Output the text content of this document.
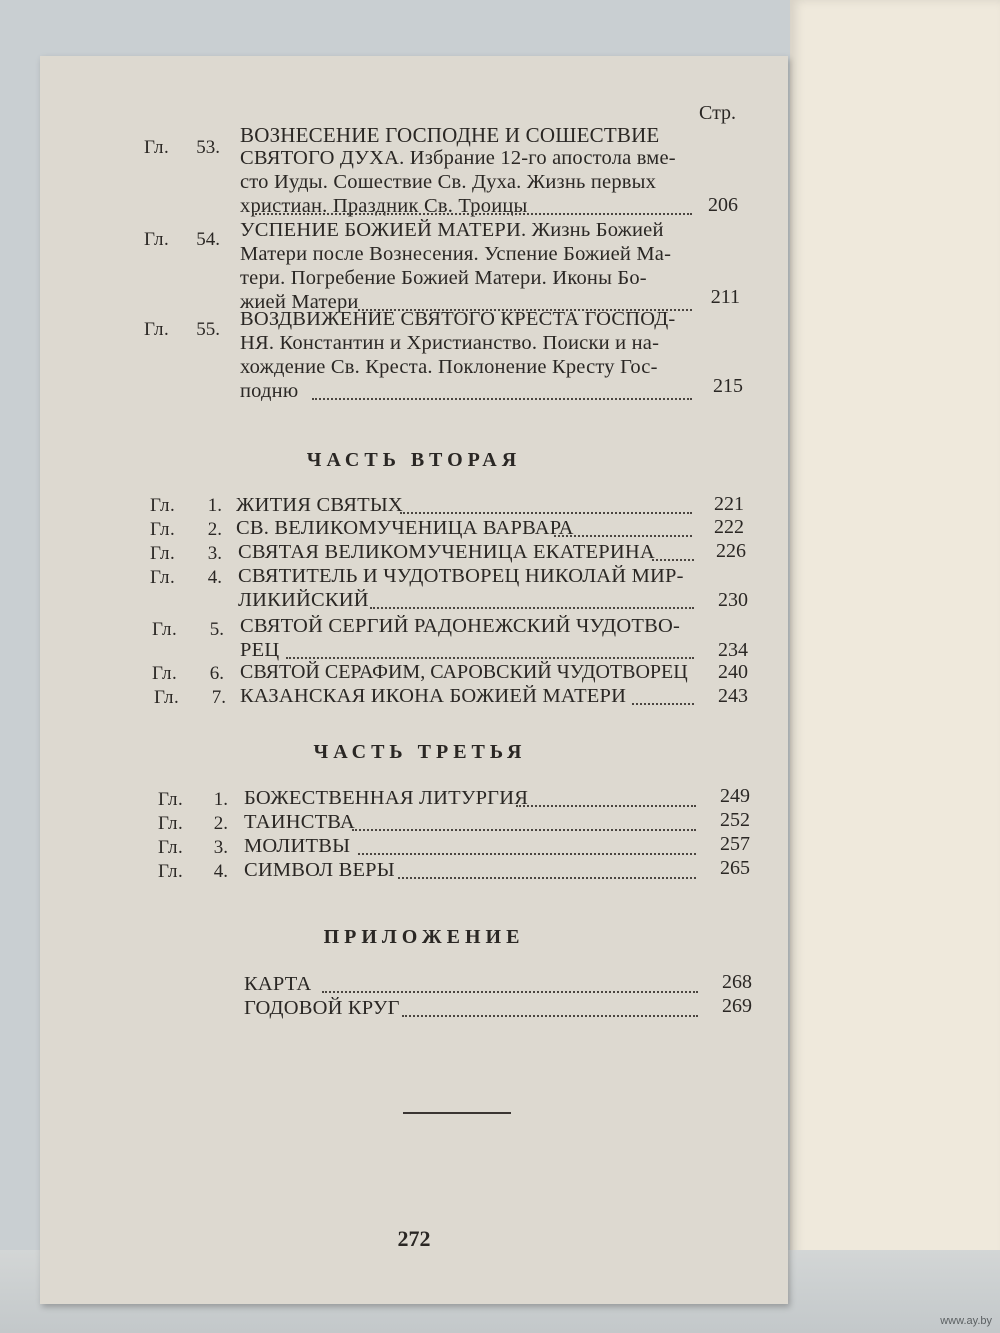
Стр.
Гл.	53.
ВОЗНЕСЕНИЕ ГОСПОДНЕ И СОШЕСТВИЕ
СВЯТОГО ДУХА. Избрание 12-го апостола вме-
сто Иуды. Сошествие Св. Духа. Жизнь первых
христиан. Праздник Св. Троицы	206
Гл.	54. УСПЕНИЕ БОЖИЕЙ МАТЕРИ. Жизнь Божией
Матери после Вознесения. Успение Божией Ма-
тери. Погребение Божией Матери. Иконы Бо-
жией Матери	211
Гл.	55. ВОЗДВИЖЕНИЕ СВЯТОГО КРЕСТА ГОСПОД-
НЯ. Константин и Христианство. Поиски и на-
хождение Св. Креста. Поклонение Кресту Гос-
подню	215
ЧАСТЬ ВТОРАЯ
Гл.	1. ЖИТИЯ СВЯТЫХ	221
Гл.	2. СВ. ВЕЛИКОМУЧЕНИЦА ВАРВАРА	222
Гл.	3. СВЯТАЯ ВЕЛИКОМУЧЕНИЦА ЕКАТЕРИНА	226
Гл.	4. СВЯТИТЕЛЬ И ЧУДОТВОРЕЦ НИКОЛАЙ МИР-
ЛИКИЙСКИЙ	230
Гл.	5. СВЯТОЙ СЕРГИЙ РАДОНЕЖСКИЙ ЧУДОТВО-
РЕЦ	234
Гл.	6. СВЯТОЙ СЕРАФИМ, САРОВСКИЙ ЧУДОТВОРЕЦ	240
Гл.	7. КАЗАНСКАЯ ИКОНА БОЖИЕЙ МАТЕРИ	243
ЧАСТЬ ТРЕТЬЯ
Гл.	1. БОЖЕСТВЕННАЯ ЛИТУРГИЯ	249
Гл.	2. ТАИНСТВА	252
Гл.	3. МОЛИТВЫ	257
Гл.	4. СИМВОЛ ВЕРЫ	265
ПРИЛОЖЕНИЕ
КАРТА	268
ГОДОВОЙ КРУГ	269
272
www.ay.by
